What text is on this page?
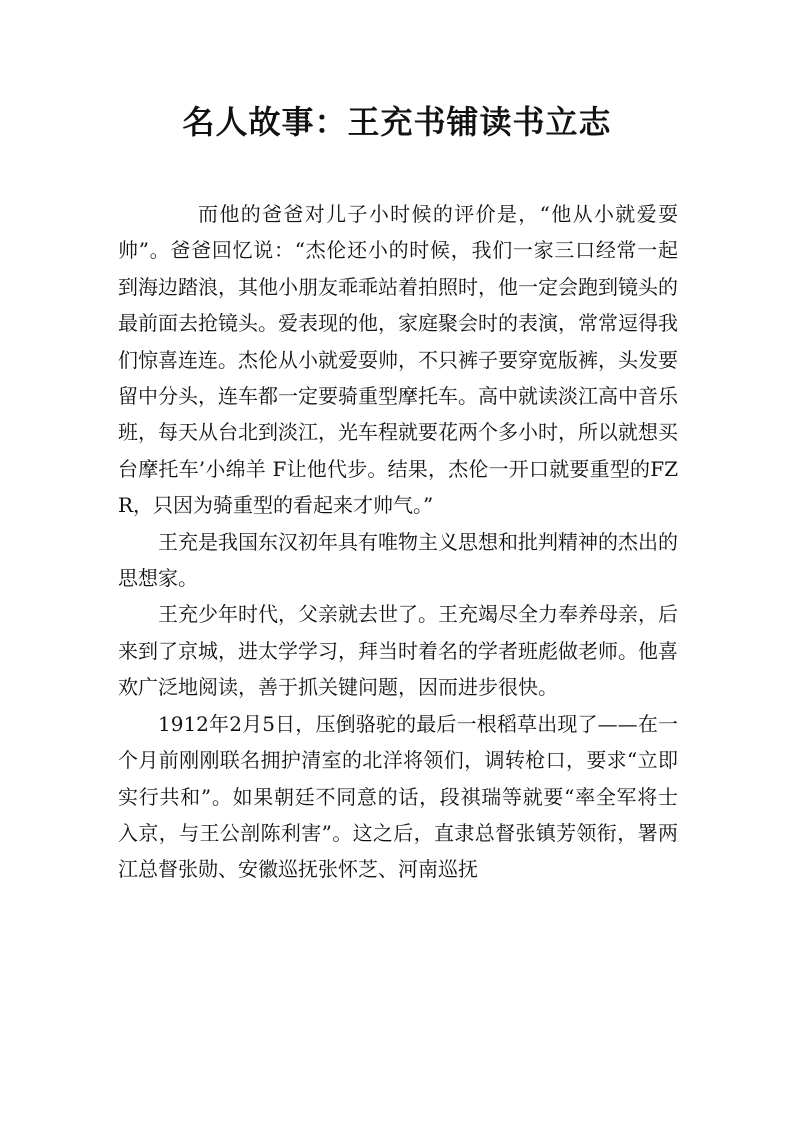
名人故事：王充书铺读书立志

而他的爸爸对儿子小时候的评价是，“他从小就爱耍帅”。爸爸回忆说：“杰伦还小的时候，我们一家三口经常一起到海边踏浪，其他小朋友乖乖站着拍照时，他一定会跑到镜头的最前面去抢镜头。爱表现的他，家庭聚会时的表演，常常逗得我们惊喜连连。杰伦从小就爱耍帅，不只裤子要穿宽版裤，头发要留中分头，连车都一定要骑重型摩托车。高中就读淡江高中音乐班，每天从台北到淡江，光车程就要花两个多小时，所以就想买台摩托车’小绵羊 F让他代步。结果，杰伦一开口就要重型的FZR，只因为骑重型的看起来才帅气。”

王充是我国东汉初年具有唯物主义思想和批判精神的杰出的思想家。

王充少年时代，父亲就去世了。王充竭尽全力奉养母亲，后来到了京城，进太学学习，拜当时着名的学者班彪做老师。他喜欢广泛地阅读，善于抓关键问题，因而进步很快。

1912年2月5日，压倒骆驼的最后一根稻草出现了——在一个月前刚刚联名拥护清室的北洋将领们，调转枪口，要求“立即实行共和”。如果朝廷不同意的话，段祺瑞等就要“率全军将士入京，与王公剖陈利害”。这之后，直隶总督张镇芳领衔，署两江总督张勋、安徽巡抚张怀芝、河南巡抚
